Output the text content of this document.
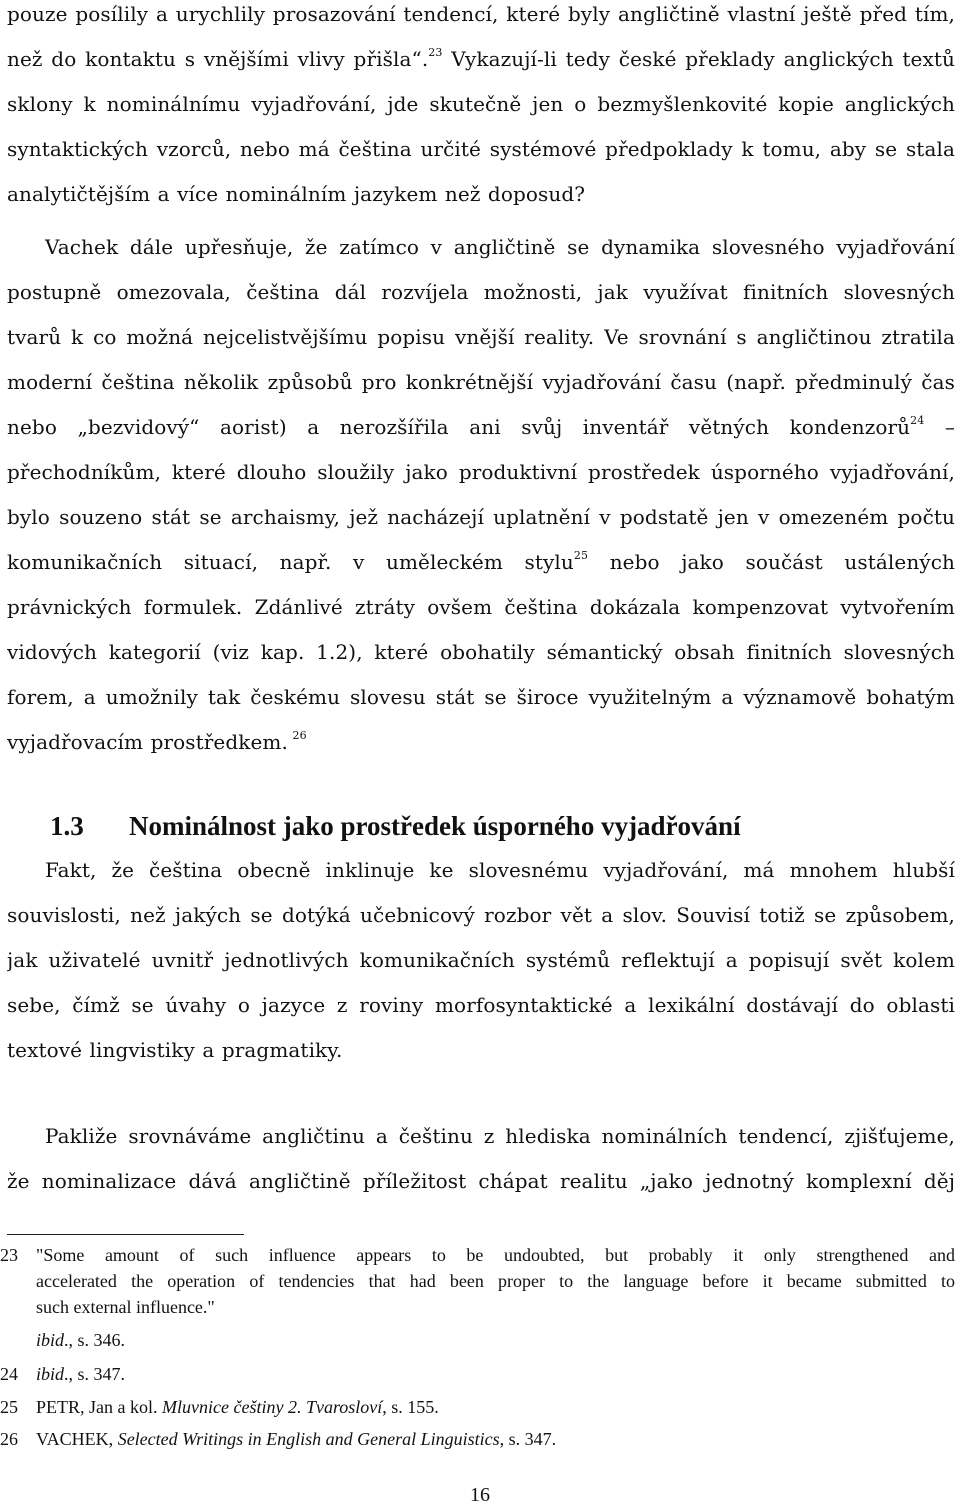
pouze posílily a urychlily prosazování tendencí, které byly angličtině vlastní ještě před tím,
než do kontaktu s vnějšími vlivy přišla“.$^{23}$ Vykazují-li tedy české překlady anglických textů
sklony k nominálnímu vyjadřování, jde skutečně jen o bezmyšlenkovité kopie anglických
syntaktických vzorců, nebo má čeština určité systémové předpoklady k tomu, aby se stala
analytičtějším a více nominálním jazykem než doposud?
Vachek dále upřesňuje, že zatímco v angličtině se dynamika slovesného vyjadřování
postupně omezovala, čeština dál rozvíjela možnosti, jak využívat finitních slovesných
tvarů k co možná nejcelistvějšímu popisu vnější reality. Ve srovnání s angličtinou ztratila
moderní čeština několik způsobů pro konkrétnější vyjadřování času (např. předminulý čas
nebo „bezvidový“ aorist) a nerozšířila ani svůj inventář větných kondenzorů$^{24}$ –
přechodníkům, které dlouho sloužily jako produktivní prostředek úsporného vyjadřování,
bylo souzeno stát se archaismy, jež nacházejí uplatnění v podstatě jen v omezeném počtu
komunikačních situací, např. v uměleckém stylu$^{25}$ nebo jako součást ustálených
právnických formulek. Zdánlivé ztráty ovšem čeština dokázala kompenzovat vytvořením
vidových kategorií (viz kap. 1.2), které obohatily sémantický obsah finitních slovesných
forem, a umožnily tak českému slovesu stát se široce využitelným a významově bohatým
vyjadřovacím prostředkem. $^{26}$
1.3 Nominálnost jako prostředek úsporného vyjadřování
Fakt, že čeština obecně inklinuje ke slovesnému vyjadřování, má mnohem hlubší
souvislosti, než jakých se dotýká učebnicový rozbor vět a slov. Souvisí totiž se způsobem,
jak uživatelé uvnitř jednotlivých komunikačních systémů reflektují a popisují svět kolem
sebe, čímž se úvahy o jazyce z roviny morfosyntaktické a lexikální dostávají do oblasti
textové lingvistiky a pragmatiky.
Pakliže srovnáváme angličtinu a češtinu z hlediska nominálních tendencí, zjišťujeme,
že nominalizace dává angličtině příležitost chápat realitu „jako jednotný komplexní děj
23	"Some amount of such influence appears to be undoubted, but probably it only strengthened and
accelerated the operation of tendencies that had been proper to the language before it became submitted to
such external influence."
ibid., s. 346.
24	ibid., s. 347.
25	PETR, Jan a kol. Mluvnice češtiny 2. Tvarosloví, s. 155.
26	VACHEK, Selected Writings in English and General Linguistics, s. 347.
16
